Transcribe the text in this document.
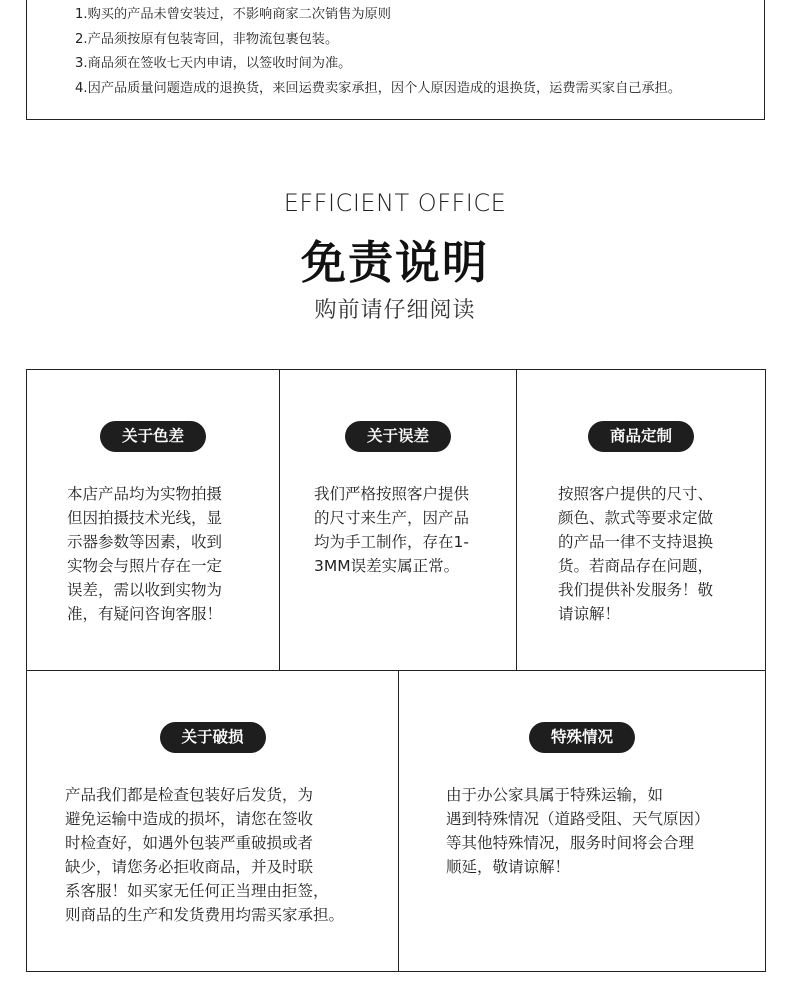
1.购买的产品未曾安装过，不影响商家二次销售为原则
2.产品须按原有包装寄回，非物流包裹包装。
3.商品须在签收七天内申请，以签收时间为准。
4.因产品质量问题造成的退换货，来回运费卖家承担，因个人原因造成的退换货，运费需买家自己承担。
EFFICIENT OFFICE
免责说明
购前请仔细阅读
关于色差

本店产品均为实物拍摄
但因拍摄技术光线，显
示器参数等因素，收到
实物会与照片存在一定
误差，需以收到实物为
准，有疑问咨询客服！

关于误差

我们严格按照客户提供
的尺寸来生产，因产品
均为手工制作，存在1-
3MM误差实属正常。

商品定制

按照客户提供的尺寸、
颜色、款式等要求定做
的产品一律不支持退换
货。若商品存在问题，
我们提供补发服务！敬
请谅解！

关于破损

产品我们都是检查包装好后发货，为
避免运输中造成的损坏，请您在签收
时检查好，如遇外包装严重破损或者
缺少，请您务必拒收商品，并及时联
系客服！如买家无任何正当理由拒签，
则商品的生产和发货费用均需买家承担。

特殊情况

由于办公家具属于特殊运输，如
遇到特殊情况（道路受阻、天气原因）
等其他特殊情况，服务时间将会合理
顺延，敬请谅解！
